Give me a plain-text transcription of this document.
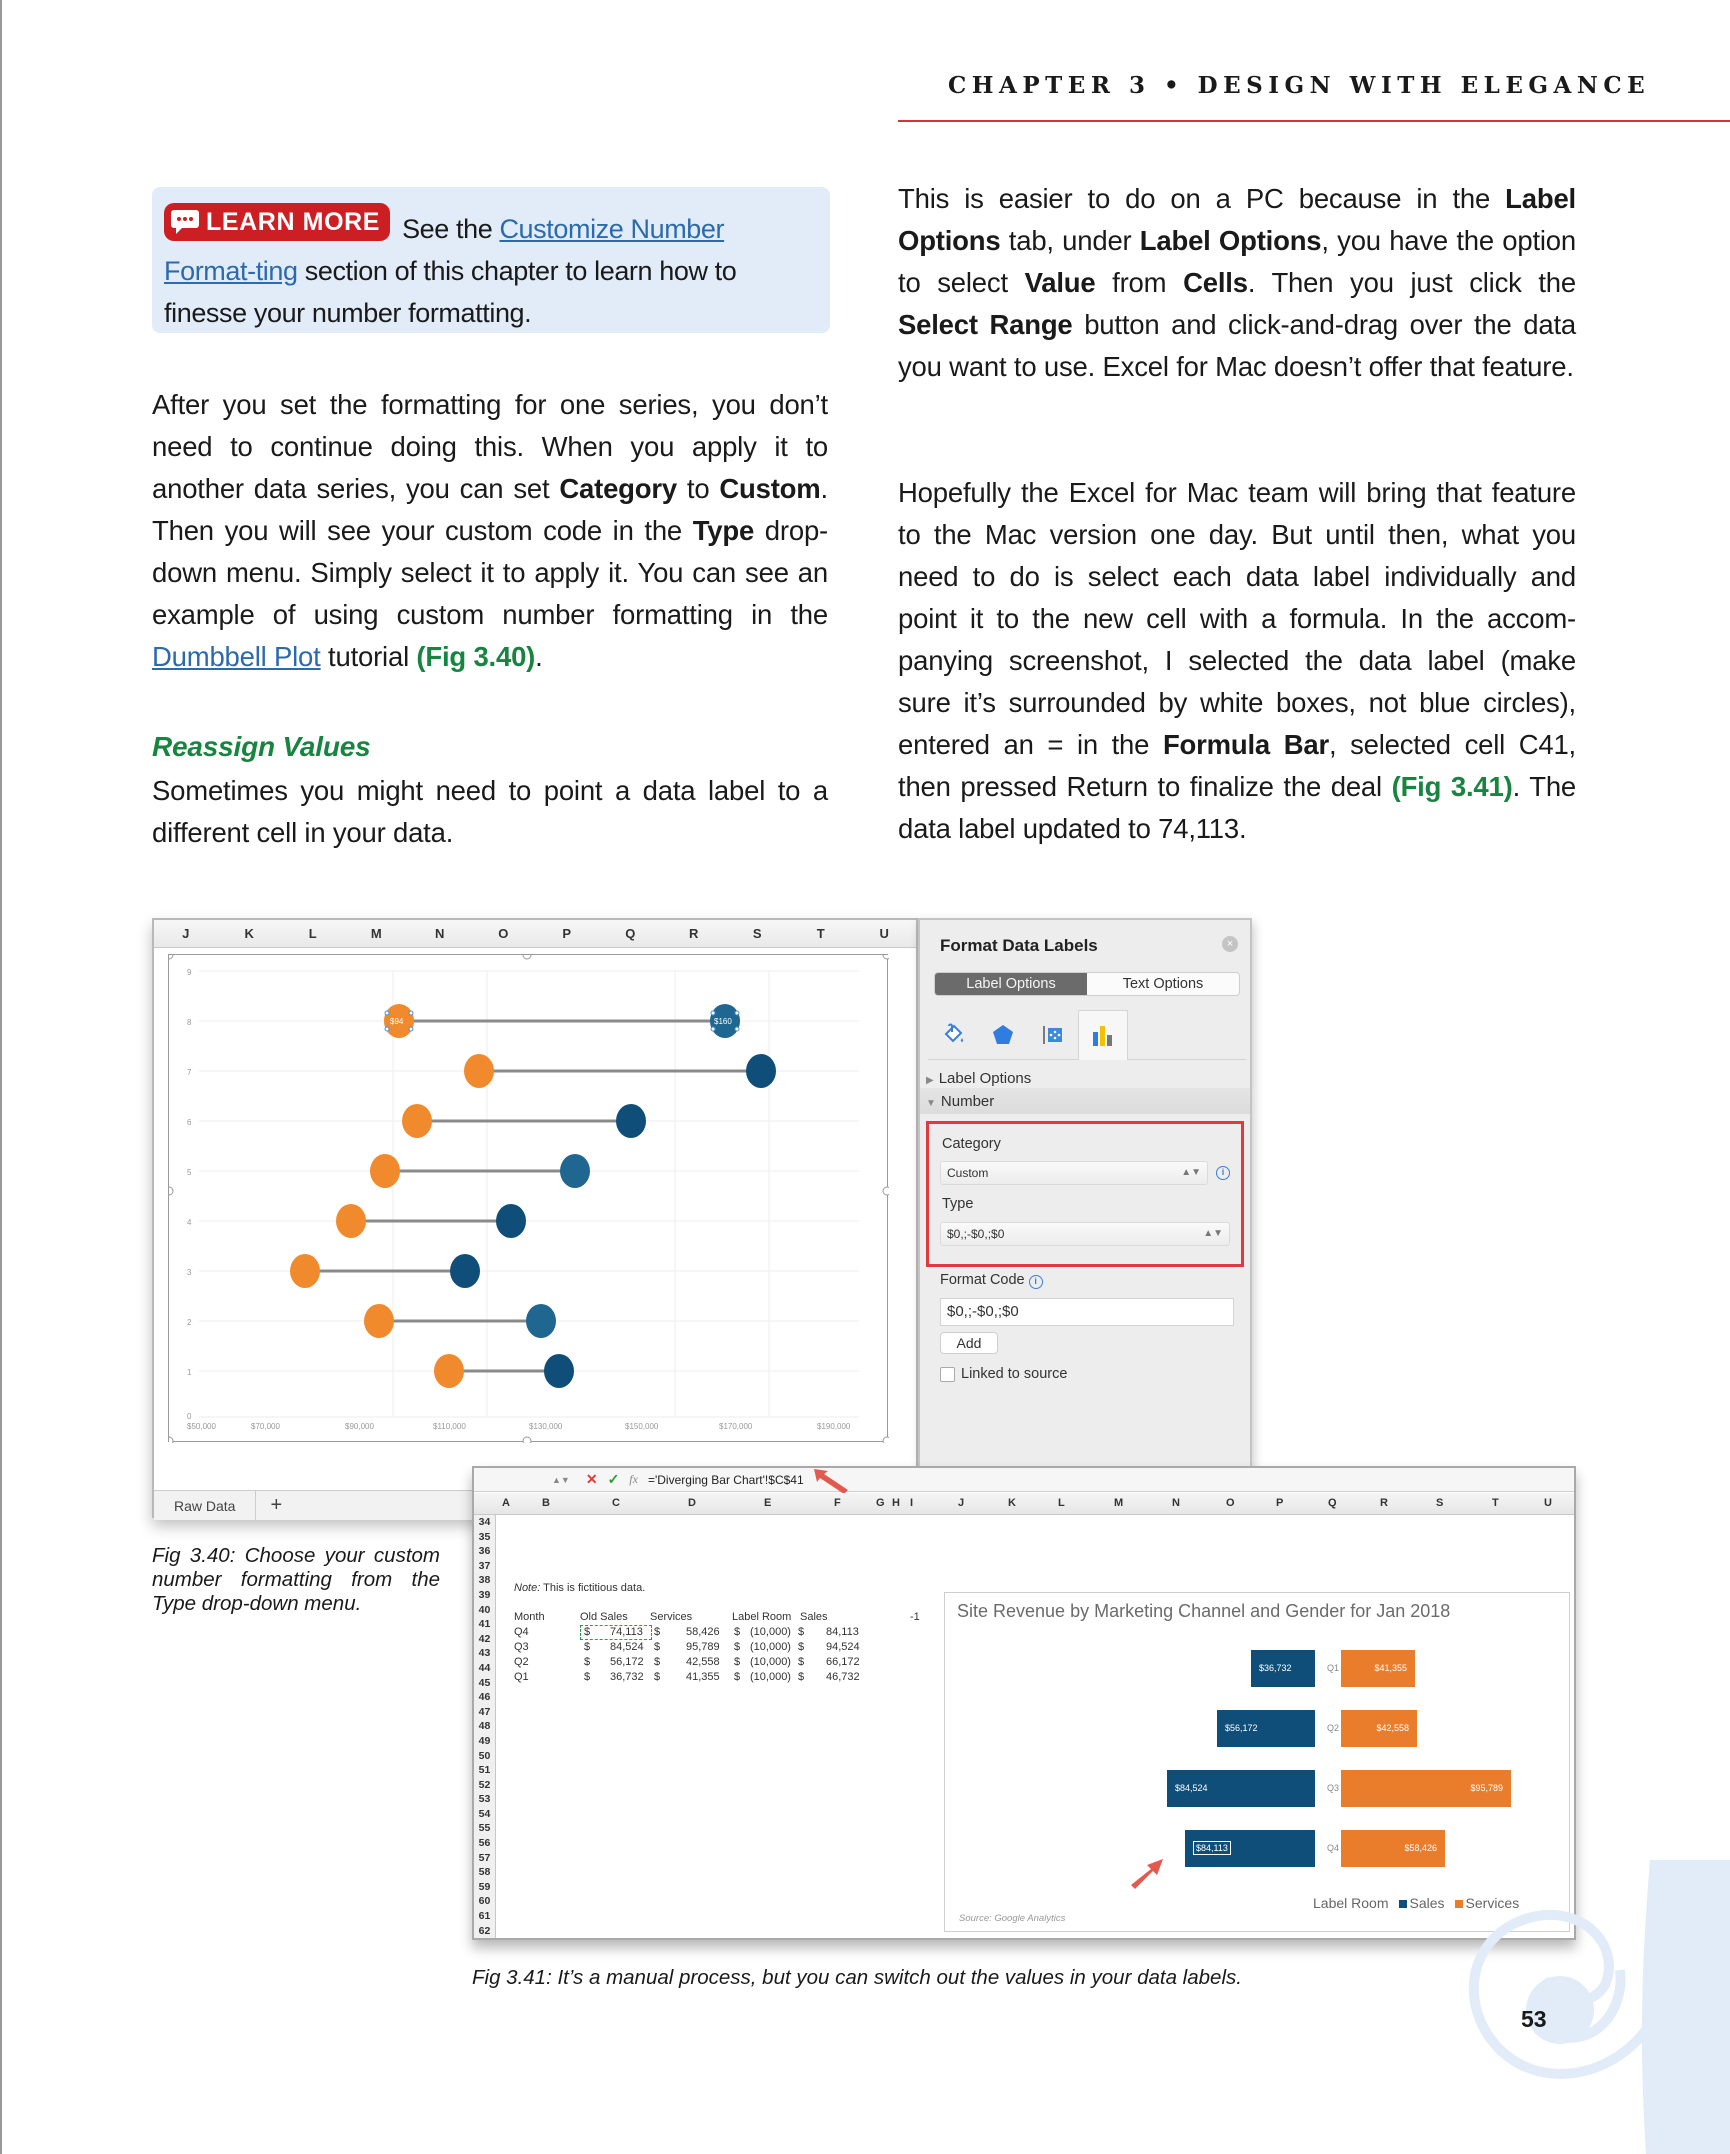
CHAPTER 3 • DESIGN WITH ELEGANCE
LEARN MORE See the Customize Number Format-ting section of this chapter to learn how to finesse your number formatting.
After you set the formatting for one series, you don’t need to continue doing this. When you apply it to another data series, you can set Category to Custom. Then you will see your custom code in the Type drop-down menu. Simply select it to apply it. You can see an example of using custom number formatting in the Dumbbell Plot tutorial (Fig 3.40).
Reassign Values
Sometimes you might need to point a data label to a different cell in your data.
This is easier to do on a PC because in the Label Options tab, under Label Options, you have the option to select Value from Cells. Then you just click the Select Range button and click-and-drag over the data you want to use. Excel for Mac doesn’t offer that feature.
Hopefully the Excel for Mac team will bring that feature to the Mac version one day. But until then, what you need to do is select each data label individually and point it to the new cell with a formula. In the accom-panying screenshot, I selected the data label (make sure it’s surrounded by white boxes, not blue circles), entered an = in the Formula Bar, selected cell C41, then pressed Return to finalize the deal (Fig 3.41). The data label updated to 74,113.
J	K	L	M	N	O	P	Q	R	S	T	U
9
8
7
6
5
4
3
2
1
0
$50,000	$70,000	$90,000	$110,000	$130,000	$150,000	$170,000	$190,000
$94	$160
Raw Data	+
Format Data Labels	×
Label Options	Text Options
▶ Label Options
▼ Number
Category
Custom	▲▼	i
Type
$0,;-$0,;$0	▲▼
Format Code i
$0,;-$0,;$0
Add
Linked to source
Fig 3.40: Choose your custom number formatting from the Type drop-down menu.
▲▼ ✕ ✓ fx ='Diverging Bar Chart'!$C$41
A	B	C	D	E	F	G H I	J	K	L	M	N	O	P	Q	R	S	T	U
34
35
36
37
38
39
40
41
42
43
44
45
46
47
48
49
50
51
52
53
54
55
56
57
58
59
60
61
62
Note: This is fictitious data.
Month	Old Sales Services	Label Room Sales	-1
Q4	$ 74,113 $ 58,426 $ (10,000) $ 84,113
Q3	$ 84,524 $ 95,789 $ (10,000) $ 94,524
Q2	$ 56,172 $ 42,558 $ (10,000) $ 66,172
Q1	$ 36,732 $ 41,355 $ (10,000) $ 46,732
Site Revenue by Marketing Channel and Gender for Jan 2018
$36,732	Q1	$41,355
$56,172	Q2	$42,558
$84,524	Q3	$95,789
$84,113	Q4	$58,426
Label Room	Sales	Services
Source: Google Analytics
Fig 3.41: It’s a manual process, but you can switch out the values in your data labels.
53
